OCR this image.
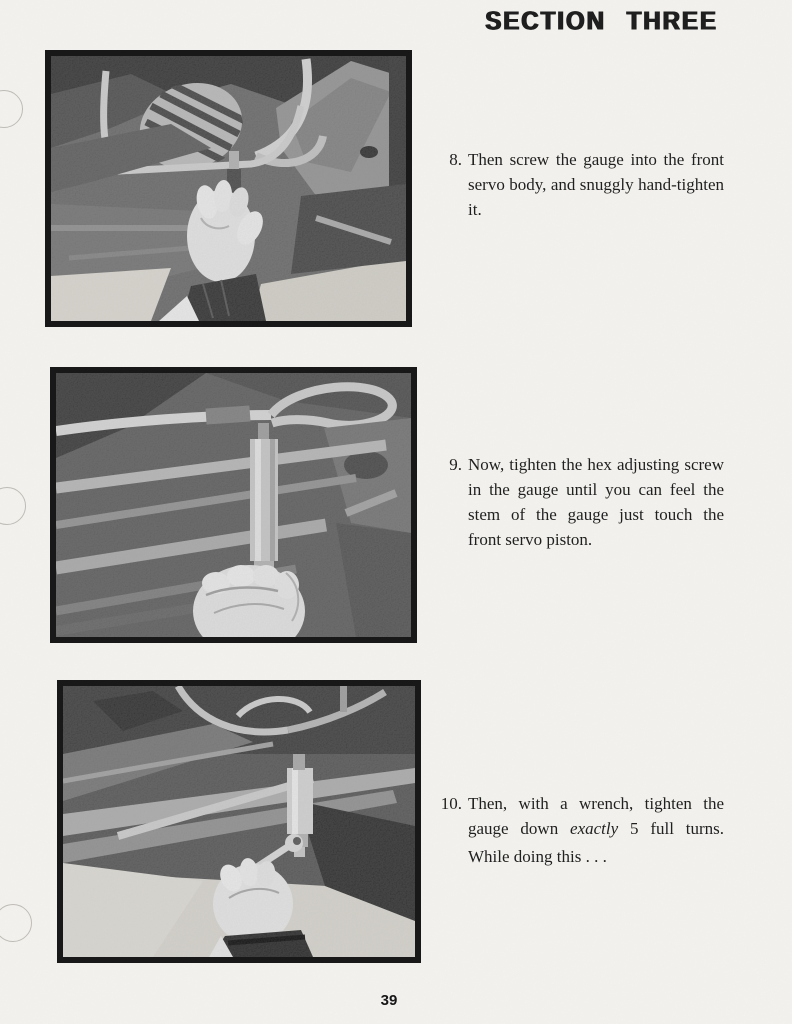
SECTION THREE
8. Then screw the gauge into the front
servo body, and snuggly hand-tighten
it.
9. Now, tighten the hex adjusting screw
in the gauge until you can feel the
stem of the gauge just touch the
front servo piston.
10. Then, with a wrench, tighten the
gauge down exactly 5 full turns.
While doing this . . .
39
